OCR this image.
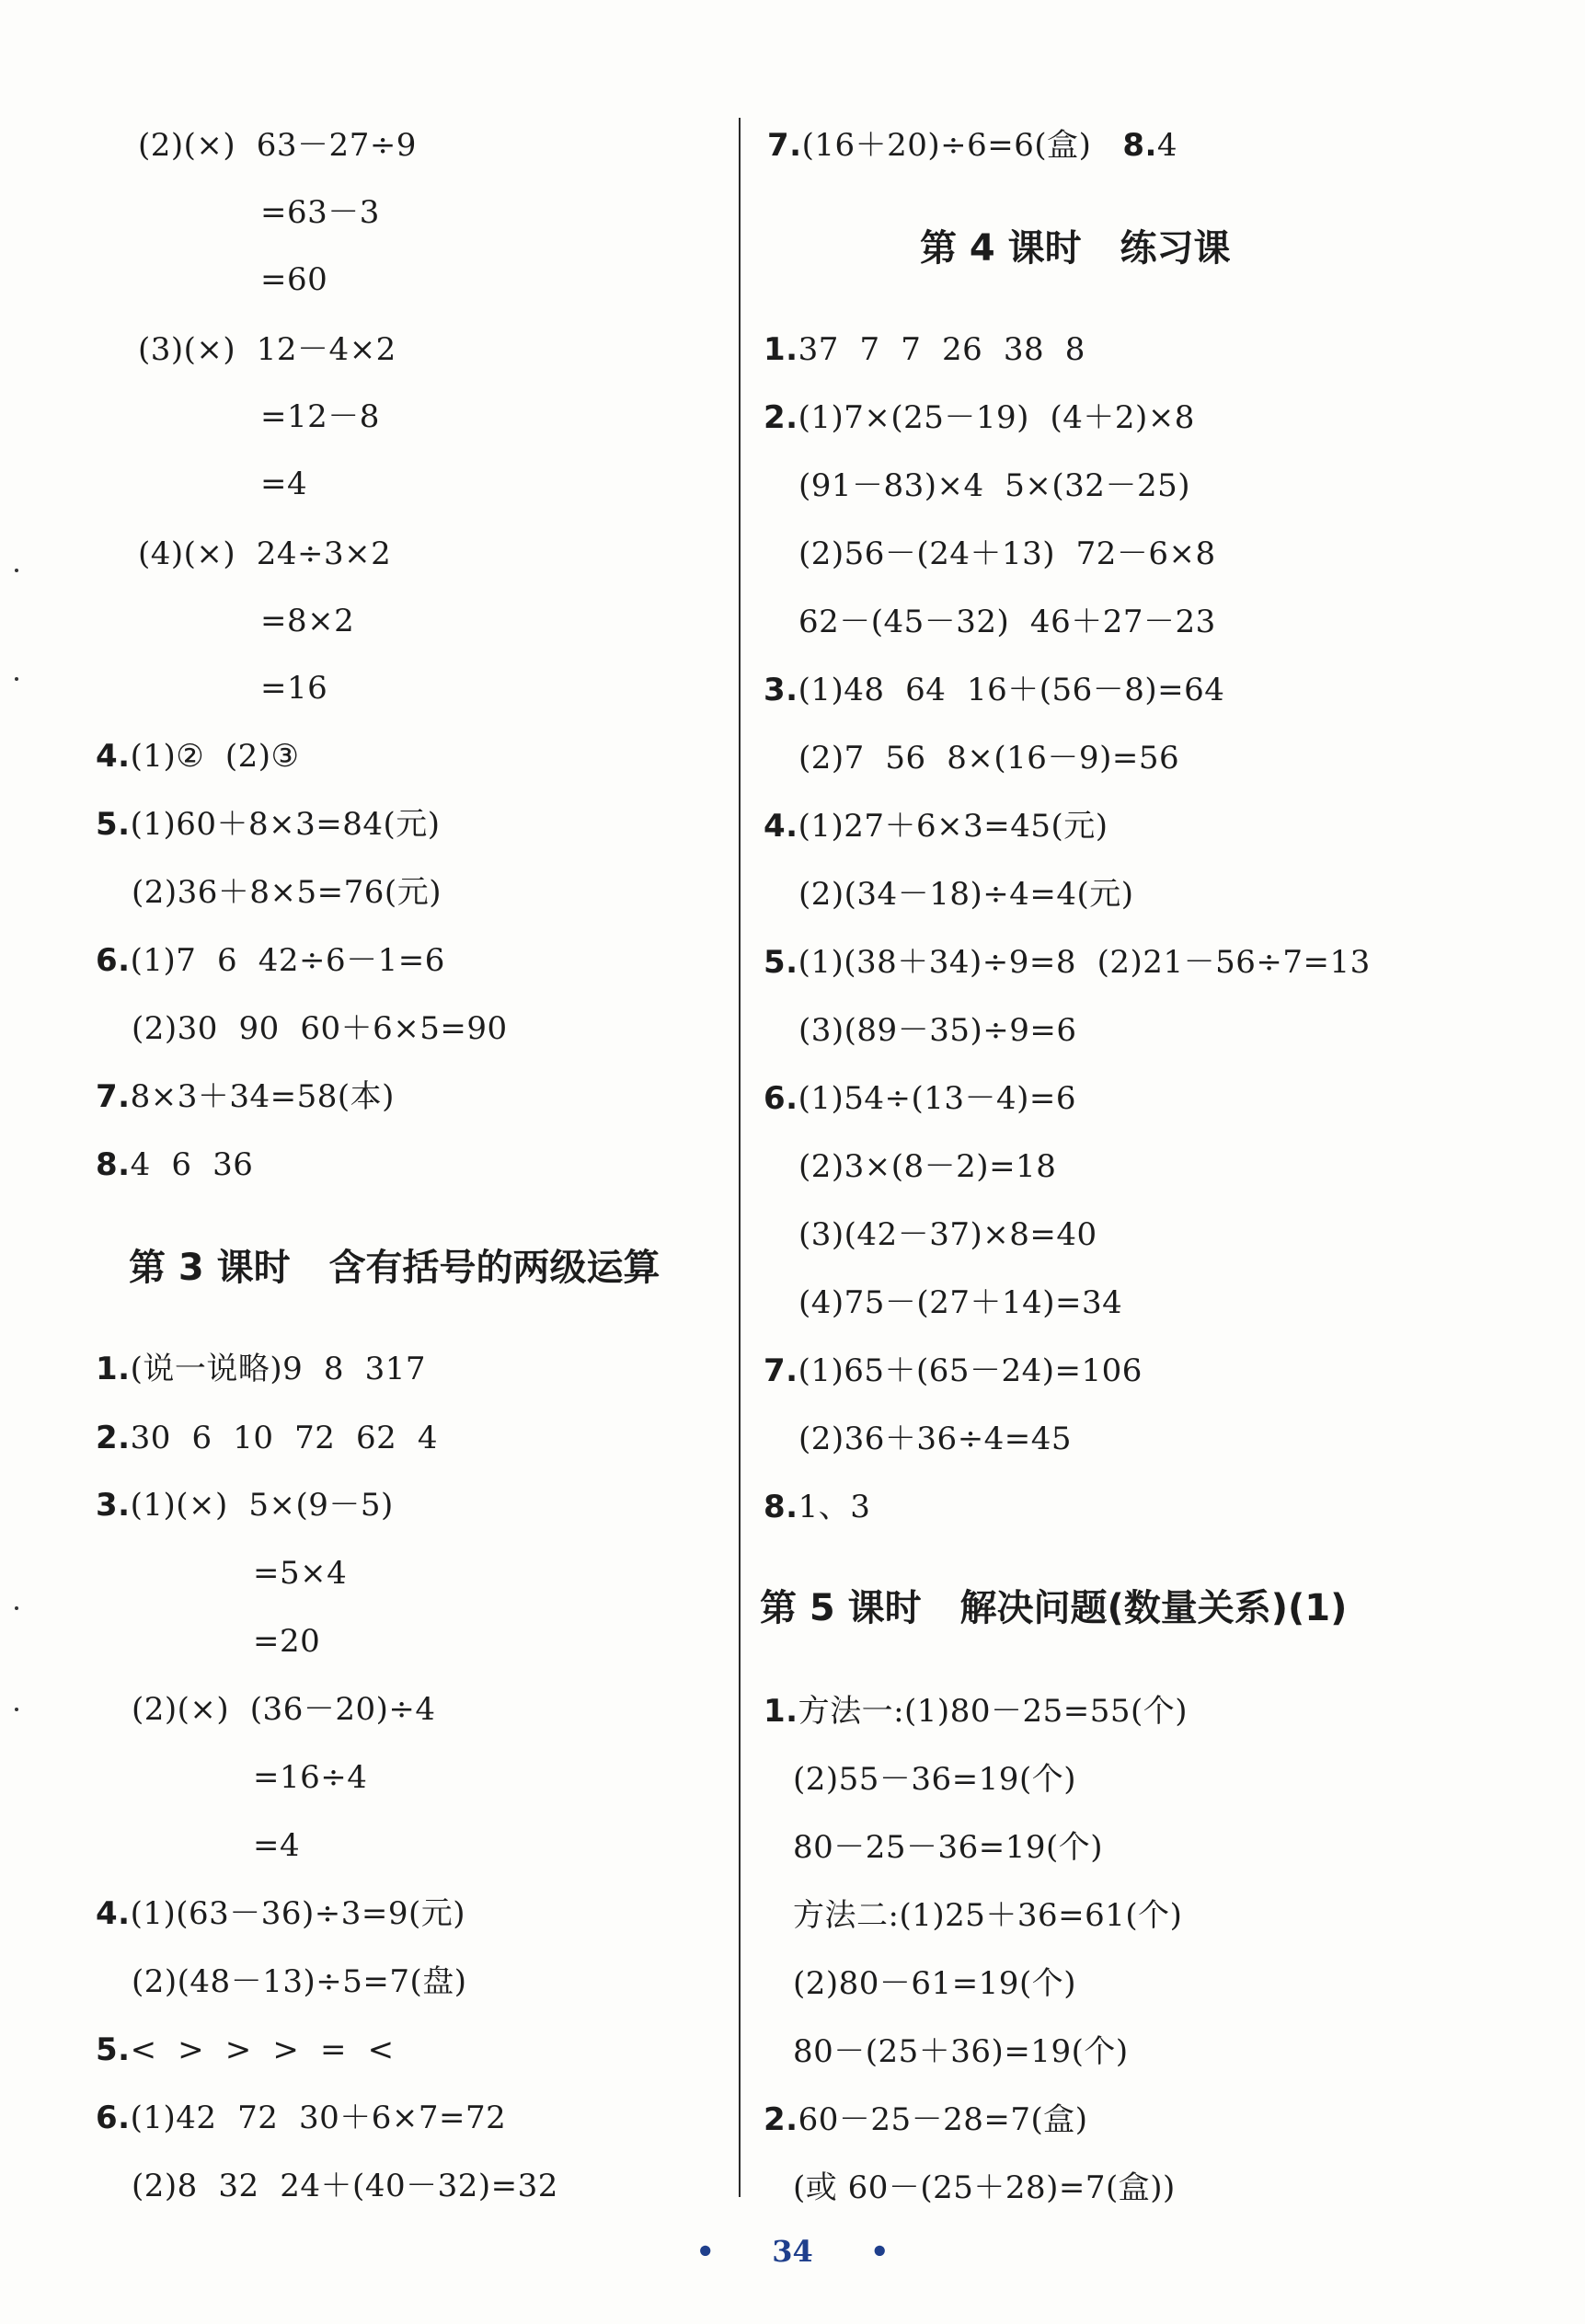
(2)(×)  63－27÷9
=63－3
=60
(3)(×)  12－4×2
=12－8
=4
(4)(×)  24÷3×2
=8×2
=16
4.(1)②  (2)③
5.(1)60＋8×3=84(元)
(2)36＋8×5=76(元)
6.(1)7  6  42÷6－1=6
(2)30  90  60＋6×5=90
7.8×3＋34=58(本)
8.4  6  36
第 3 课时   含有括号的两级运算
1.(说一说略)9  8  317
2.30  6  10  72  62  4
3.(1)(×)  5×(9－5)
=5×4
=20
(2)(×)  (36－20)÷4
=16÷4
=4
4.(1)(63－36)÷3=9(元)
(2)(48－13)÷5=7(盘)
5.<  >  >  >  =  <
6.(1)42  72  30＋6×7=72
(2)8  32  24＋(40－32)=32
7.(16＋20)÷6=6(盒) 8.4
第 4 课时   练习课
1.37  7  7  26  38  8
2.(1)7×(25－19)  (4＋2)×8
(91－83)×4  5×(32－25)
(2)56－(24＋13)  72－6×8
62－(45－32)  46＋27－23
3.(1)48  64  16＋(56－8)=64
(2)7  56  8×(16－9)=56
4.(1)27＋6×3=45(元)
(2)(34－18)÷4=4(元)
5.(1)(38＋34)÷9=8  (2)21－56÷7=13
(3)(89－35)÷9=6
6.(1)54÷(13－4)=6
(2)3×(8－2)=18
(3)(42－37)×8=40
(4)75－(27＋14)=34
7.(1)65＋(65－24)=106
(2)36＋36÷4=45
8.1、3
第 5 课时   解决问题(数量关系)(1)
1.方法一:(1)80－25=55(个)
(2)55－36=19(个)
80－25－36=19(个)
方法二:(1)25＋36=61(个)
(2)80－61=19(个)
80－(25＋36)=19(个)
2.60－25－28=7(盒)
(或 60－(25＋28)=7(盒))
• 34 •
